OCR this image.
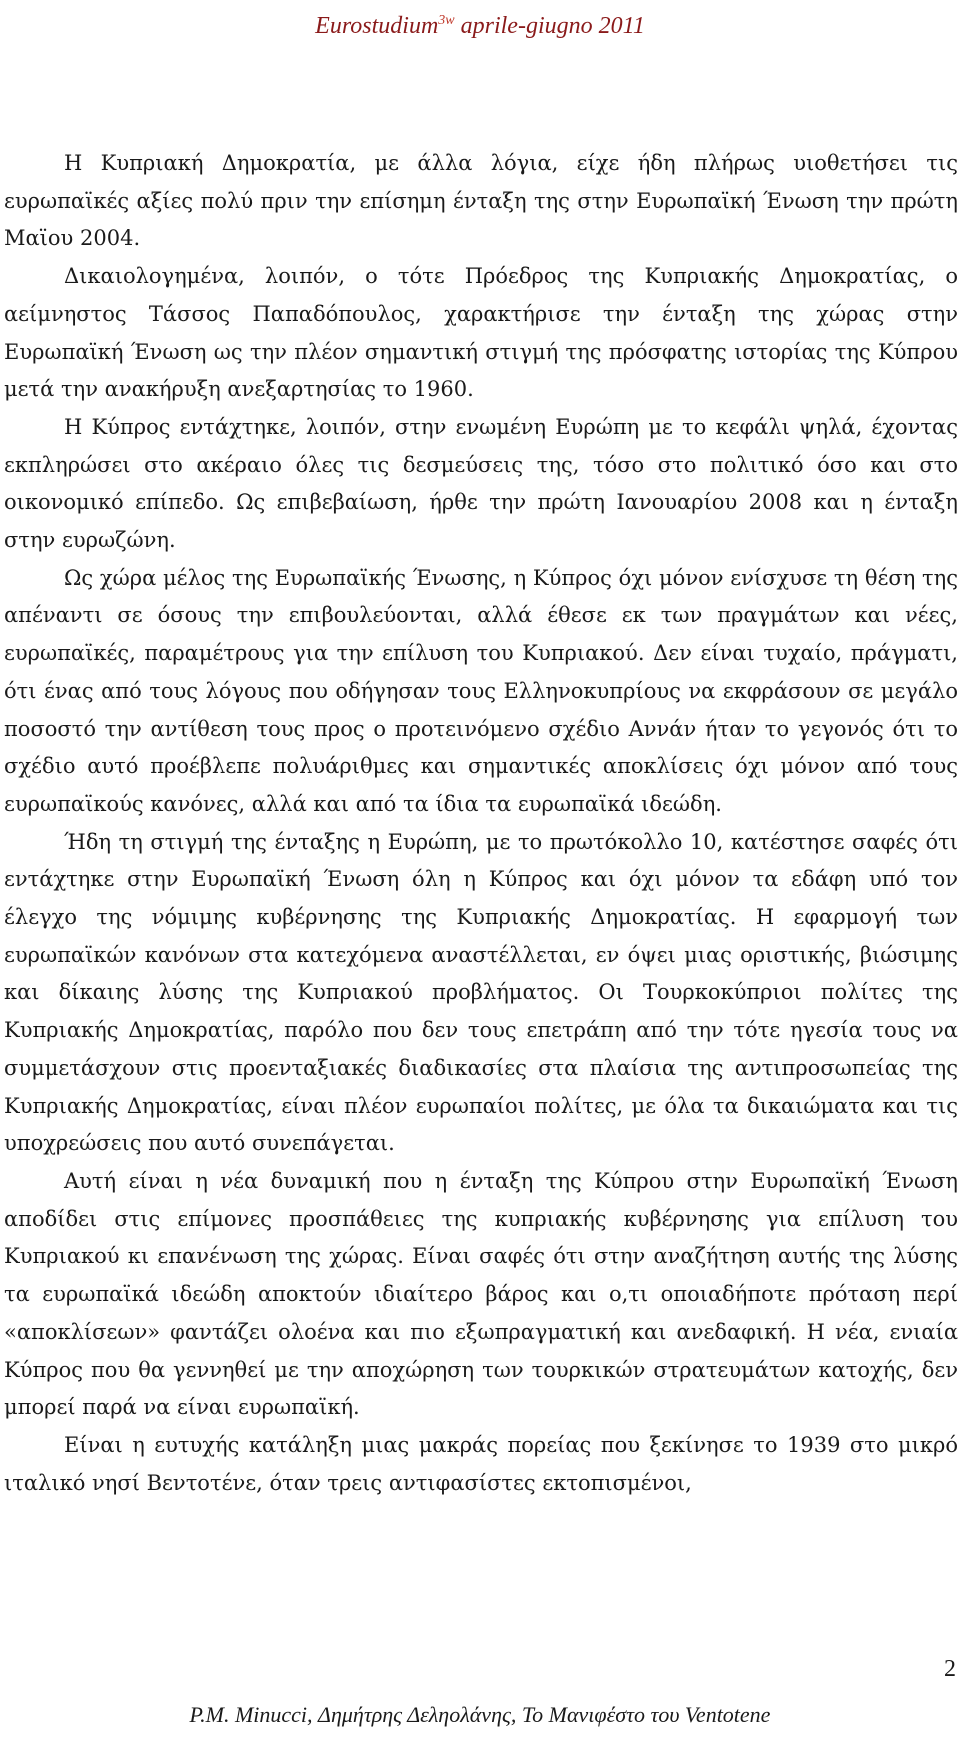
Eurostudium$^{3w}$ aprile-giugno 2011

Η Κυπριακή Δημοκρατία, με άλλα λόγια, είχε ήδη πλήρως υιοθετήσει τις ευρωπαϊκές αξίες πολύ πριν την επίσημη ένταξη της στην Ευρωπαϊκή Ένωση την πρώτη Μαϊου 2004.

Δικαιολογημένα, λοιπόν, ο τότε Πρόεδρος της Κυπριακής Δημοκρατίας, ο αείμνηστος Τάσσος Παπαδόπουλος, χαρακτήρισε την ένταξη της χώρας στην Ευρωπαϊκή Ένωση ως την πλέον σημαντική στιγμή της πρόσφατης ιστορίας της Κύπρου μετά την ανακήρυξη ανεξαρτησίας το 1960.

Η Κύπρος εντάχτηκε, λοιπόν, στην ενωμένη Ευρώπη με το κεφάλι ψηλά, έχοντας εκπληρώσει στο ακέραιο όλες τις δεσμεύσεις της, τόσο στο πολιτικό όσο και στο οικονομικό επίπεδο. Ως επιβεβαίωση, ήρθε την πρώτη Ιανουαρίου 2008 και η ένταξη στην ευρωζώνη.

Ως χώρα μέλος της Ευρωπαϊκής Ένωσης, η Κύπρος όχι μόνον ενίσχυσε τη θέση της απέναντι σε όσους την επιβουλεύονται, αλλά έθεσε εκ των πραγμάτων και νέες, ευρωπαϊκές, παραμέτρους για την επίλυση του Κυπριακού. Δεν είναι τυχαίο, πράγματι, ότι ένας από τους λόγους που οδήγησαν τους Ελληνοκυπρίους να εκφράσουν σε μεγάλο ποσοστό την αντίθεση τους προς ο προτεινόμενο σχέδιο Αννάν ήταν το γεγονός ότι το σχέδιο αυτό προέβλεπε πολυάριθμες και σημαντικές αποκλίσεις όχι μόνον από τους ευρωπαϊκούς κανόνες, αλλά και από τα ίδια τα ευρωπαϊκά ιδεώδη.

Ήδη τη στιγμή της ένταξης η Ευρώπη, με το πρωτόκολλο 10, κατέστησε σαφές ότι εντάχτηκε στην Ευρωπαϊκή Ένωση όλη η Κύπρος και όχι μόνον τα εδάφη υπό τον έλεγχο της νόμιμης κυβέρνησης της Κυπριακής Δημοκρατίας. Η εφαρμογή των ευρωπαϊκών κανόνων στα κατεχόμενα αναστέλλεται, εν όψει μιας οριστικής, βιώσιμης και δίκαιης λύσης της Κυπριακού προβλήματος. Οι Τουρκοκύπριοι πολίτες της Κυπριακής Δημοκρατίας, παρόλο που δεν τους επετράπη από την τότε ηγεσία τους να συμμετάσχουν στις προενταξιακές διαδικασίες στα πλαίσια της αντιπροσωπείας της Κυπριακής Δημοκρατίας, είναι πλέον ευρωπαίοι πολίτες, με όλα τα δικαιώματα και τις υποχρεώσεις που αυτό συνεπάγεται.

Αυτή είναι η νέα δυναμική που η ένταξη της Κύπρου στην Ευρωπαϊκή Ένωση αποδίδει στις επίμονες προσπάθειες της κυπριακής κυβέρνησης για επίλυση του Κυπριακού κι επανένωση της χώρας. Είναι σαφές ότι στην αναζήτηση αυτής της λύσης τα ευρωπαϊκά ιδεώδη αποκτούν ιδιαίτερο βάρος και ο,τι οποιαδήποτε πρόταση περί «αποκλίσεων» φαντάζει ολοένα και πιο εξωπραγματική και ανεδαφική. Η νέα, ενιαία Κύπρος που θα γεννηθεί με την αποχώρηση των τουρκικών στρατευμάτων κατοχής, δεν μπορεί παρά να είναι ευρωπαϊκή.

Είναι η ευτυχής κατάληξη μιας μακράς πορείας που ξεκίνησε το 1939 στο μικρό ιταλικό νησί Βεντοτένε, όταν τρεις αντιφασίστες εκτοπισμένοι,

2
P.M. Minucci, Δημήτρης Δεληολάνης, Το Μανιφέστο του Ventotene
